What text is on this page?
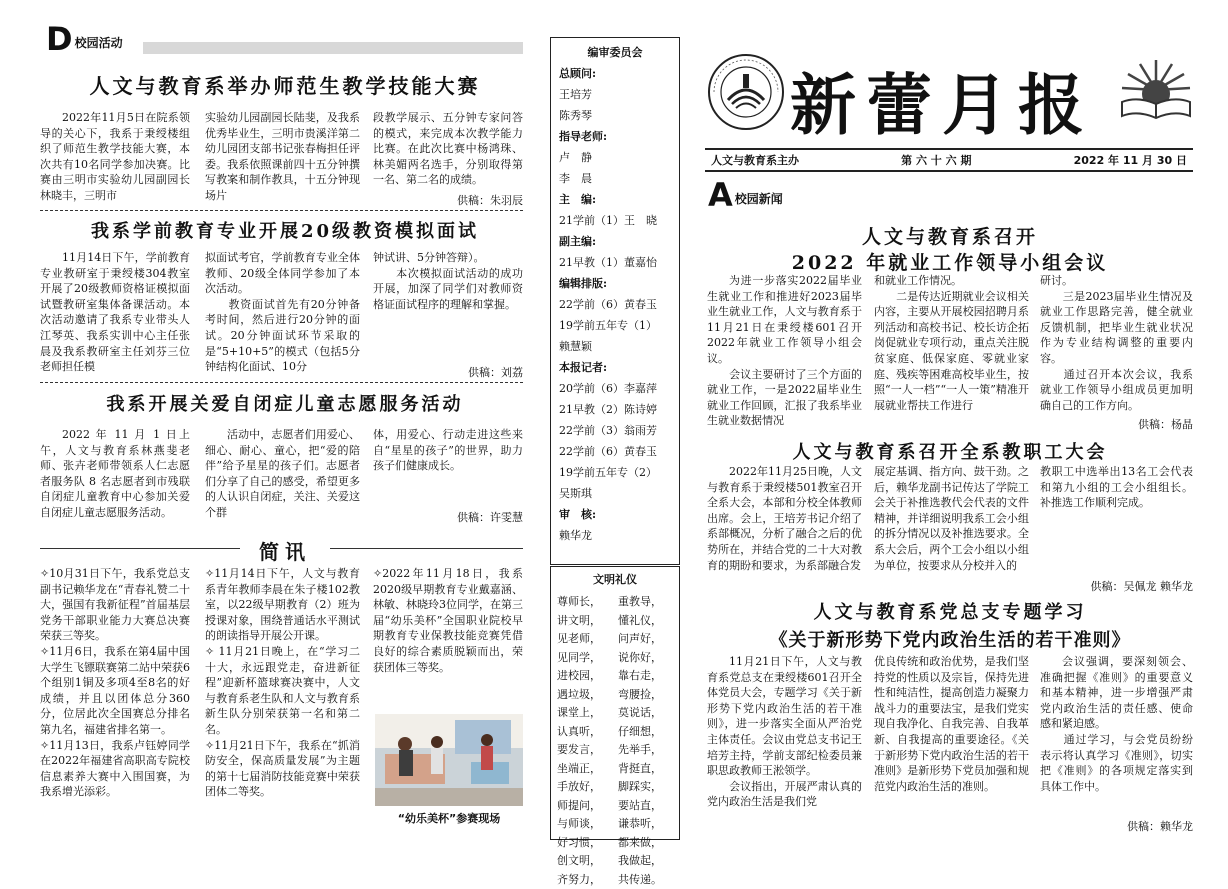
D 校园活动
人文与教育系举办师范生教学技能大赛
2022年11月5日在院系领导的关心下，我系于秉绶楼组织了师范生教学技能大赛，本次共有10名同学参加决赛。比赛由三明市实验幼儿园副园长林晓丰，三明市
实验幼儿园副园长陆斐，及我系优秀毕业生，三明市贵溪洋第二幼儿园团支部书记张春梅担任评委。我系依照课前四十五分钟撰写教案和制作教具，十五分钟现场片
段教学展示、五分钟专家问答的模式，来完成本次教学能力比赛。在此次比赛中杨鸿珠、林美媚两名选手，分别取得第一名、第二名的成绩。
供稿：朱羽辰
我系学前教育专业开展20级教资模拟面试
11月14日下午，学前教育专业教研室于秉绶楼304教室开展了20级教师资格证模拟面试暨教研室集体备课活动。本次活动邀请了我系专业带头人江琴英、我系实训中心主任张晨及我系教研室主任刘芬三位老师担任模
拟面试考官，学前教育专业全体教师、20级全体同学参加了本次活动。
　　教资面试首先有20分钟备考时间，然后进行20分钟的面试。20分钟面试环节采取的是“5+10+5”的模式（包括5分钟结构化面试、10分
钟试讲、5分钟答辩）。
　　本次模拟面试活动的成功开展，加深了同学们对教师资格证面试程序的理解和掌握。
供稿：刘荔
我系开展关爱自闭症儿童志愿服务活动
2022 年 11 月 1 日上午，人文与教育系林燕斐老师、张卉老师带领系人仁志愿者服务队 8 名志愿者到市残联自闭症儿童教育中心参加关爱自闭症儿童志愿服务活动。
活动中，志愿者们用爱心、细心、耐心、童心，把“爱的陪伴”给予星星的孩子们。志愿者们分享了自己的感受，希望更多的人认识自闭症，关注、关爱这个群
体，用爱心、行动走进这些来自“星星的孩子”的世界，助力孩子们健康成长。
供稿：许雯慧
简讯

✧10月31日下午，我系党总支副书记赖华龙在“青春礼赞二十大，强国有我新征程”首届基层党务干部职业能力大赛总决赛荣获三等奖。

✧11月6日，我系在第4届中国大学生飞镖联赛第二站中荣获6个组别1铜及多项4至8名的好成绩，并且以团体总分360分，位居此次全国赛总分排名第九名，福建省排名第一。

✧11月13日，我系卢钰婷同学在2022年福建省高职高专院校信息素养大赛中入围国赛，为我系增光添彩。

✧11月14日下午，人文与教育系青年教师李晨在朱子楼102教室，以22级早期教育（2）班为授课对象，围绕普通话水平测试的朗读指导开展公开课。

✧ 11月21日晚上，在“学习二十大，永远跟党走，奋进新征程”迎新杯篮球赛决赛中，人文与教育系老生队和人文与教育系新生队分别荣获第一名和第二名。

✧11月21日下午，我系在“抓消防安全，保高质量发展”为主题的第十七届消防技能竞赛中荣获团体二等奖。

✧2022年11月18日，我系2020级早期教育专业戴嘉涵、林敏、林晓玲3位同学，在第三届“幼乐美杯”全国职业院校早期教育专业保教技能竞赛凭借良好的综合素质脱颖而出，荣获团体三等奖。

“幼乐美杯”参赛现场
编审委员会
总顾问:
王培芳
陈秀琴
指导老师:
卢　静
李　晨
主　编:
21学前（1）王　晓
副主编:
21早教（1）董嘉怡
编辑排版:
22学前（6）黄春玉
19学前五年专（1）
赖慧颖
本报记者:
20学前（6）李嘉萍
21早教（2）陈诗婷
22学前（3）翁雨芳
22学前（6）黄春玉
19学前五年专（2）
吴斯琪
审　核:
赖华龙
文明礼仪
尊师长，	重教导，
讲文明，	懂礼仪，
见老师，	问声好，
见同学，	说你好，
进校园，	靠右走，
遇垃圾，	弯腰捡，
课堂上，	莫说话，
认真听，	仔细想，
要发言，	先举手，
坐端正，	背挺直，
手放好，	脚踩实，
师提问，	要站直，
与师谈，	谦恭听，
好习惯，	都来做，
创文明，	我做起，
齐努力，	共传递。
新蕾月报
人文与教育系主办	第 六 十 六 期	2022 年 11 月 30 日
A 校园新闻
人文与教育系召开
2022 年就业工作领导小组会议
为进一步落实2022届毕业生就业工作和推进好2023届毕业生就业工作，人文与教育系于11月21日在秉绶楼601召开2022年就业工作领导小组会议。
　　会议主要研讨了三个方面的就业工作，一是2022届毕业生就业工作回顾，汇报了我系毕业生就业数据情况
和就业工作情况。
　　二是传达近期就业会议相关内容，主要从开展校园招聘月系列活动和高校书记、校长访企拓岗促就业专项行动，重点关注脱贫家庭、低保家庭、零就业家庭、残疾等困难高校毕业生，按照“一人一档”“一人一策”精准开展就业帮扶工作进行
研讨。
　　三是2023届毕业生情况及就业工作思路完善，健全就业反馈机制，把毕业生就业状况作为专业结构调整的重要内容。
　　通过召开本次会议，我系就业工作领导小组成员更加明确自己的工作方向。
供稿：杨晶
人文与教育系召开全系教职工大会
2022年11月25日晚，人文与教育系于秉绶楼501教室召开全系大会，本部和分校全体教师出席。会上，王培芳书记介绍了系部概况，分析了融合之后的优势所在，并结合党的二十大对教育的期盼和要求，为系部融合发
展定基调、指方向、鼓干劲。之后，赖华龙副书记传达了学院工会关于补推选教代会代表的文件精神，并详细说明我系工会小组的拆分情况以及补推选要求。全系大会后，两个工会小组以小组为单位，按要求从分校并入的
教职工中选举出13名工会代表和第九小组的工会小组组长。补推选工作顺利完成。
供稿：吴佩龙 赖华龙
人文与教育系党总支专题学习
《关于新形势下党内政治生活的若干准则》
11月21日下午，人文与教育系党总支在秉绶楼601召开全体党员大会，专题学习《关于新形势下党内政治生活的若干准则》，进一步落实全面从严治党主体责任。会议由党总支书记王培芳主持，学前支部纪检委员兼职思政教师王淞领学。
　　会议指出，开展严肃认真的党内政治生活是我们党
优良传统和政治优势，是我们坚持党的性质以及宗旨，保持先进性和纯洁性，提高创造力凝聚力战斗力的重要法宝，是我们党实现自我净化、自我完善、自我革新、自我提高的重要途径。《关于新形势下党内政治生活的若干准则》是新形势下党员加强和规范党内政治生活的准则。
会议强调，要深刻领会、准确把握《准则》的重要意义和基本精神，进一步增强严肃党内政治生活的责任感、使命感和紧迫感。
　　通过学习，与会党员纷纷表示将认真学习《准则》，切实把《准则》的各项规定落实到具体工作中。
供稿：赖华龙
